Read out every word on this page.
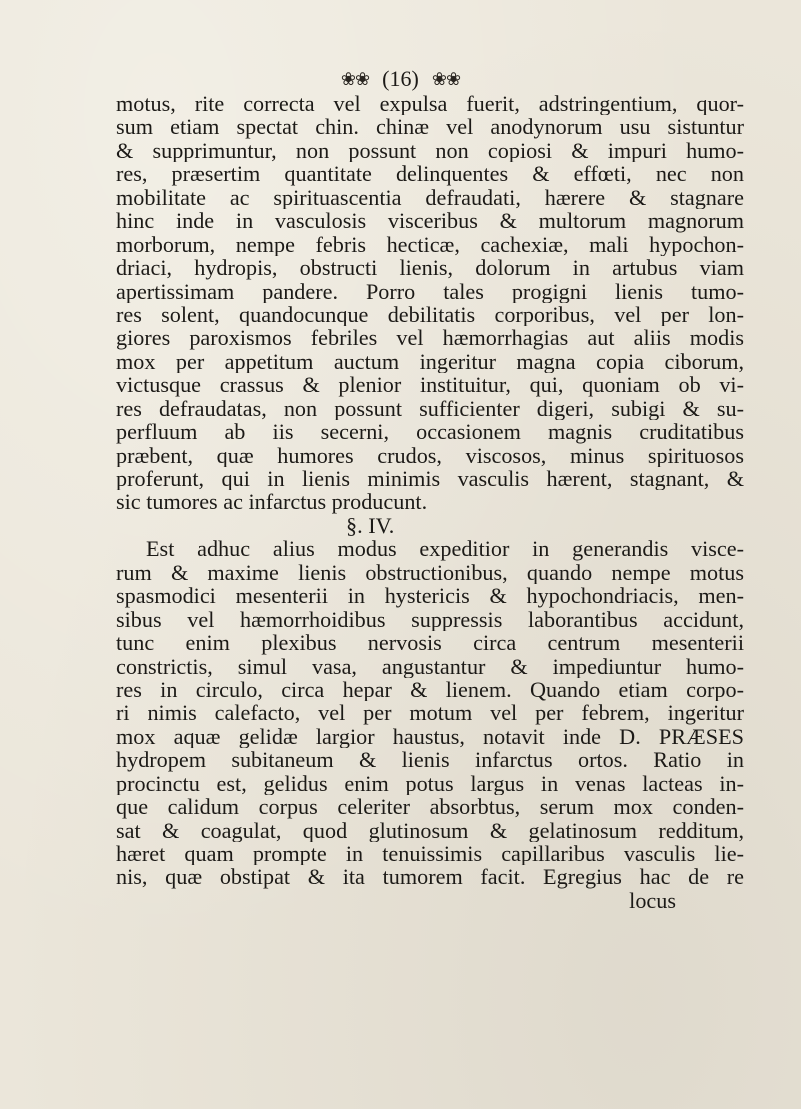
❀❀ (16) ❀❀
motus, rite correcta vel expulsa fuerit, adstringentium, quor-
sum etiam spectat chin. chinæ vel anodynorum usu sistuntur
& supprimuntur, non possunt non copiosi & impuri humo-
res, præsertim quantitate delinquentes & effœti, nec non
mobilitate ac spirituascentia defraudati, hærere & stagnare
hinc inde in vasculosis visceribus & multorum magnorum
morborum, nempe febris hecticæ, cachexiæ, mali hypochon-
driaci, hydropis, obstructi lienis, dolorum in artubus viam
apertissimam pandere. Porro tales progigni lienis tumo-
res solent, quandocunque debilitatis corporibus, vel per lon-
giores paroxismos febriles vel hæmorrhagias aut aliis modis
mox per appetitum auctum ingeritur magna copia ciborum,
victusque crassus & plenior instituitur, qui, quoniam ob vi-
res defraudatas, non possunt sufficienter digeri, subigi & su-
perfluum ab iis secerni, occasionem magnis cruditatibus
præbent, quæ humores crudos, viscosos, minus spirituosos
proferunt, qui in lienis minimis vasculis hærent, stagnant, &
sic tumores ac infarctus producunt.
§. IV.
Est adhuc alius modus expeditior in generandis visce-
rum & maxime lienis obstructionibus, quando nempe motus
spasmodici mesenterii in hystericis & hypochondriacis, men-
sibus vel hæmorrhoidibus suppressis laborantibus accidunt,
tunc enim plexibus nervosis circa centrum mesenterii
constrictis, simul vasa, angustantur & impediuntur humo-
res in circulo, circa hepar & lienem. Quando etiam corpo-
ri nimis calefacto, vel per motum vel per febrem, ingeritur
mox aquæ gelidæ largior haustus, notavit inde D. PRÆSES
hydropem subitaneum & lienis infarctus ortos. Ratio in
procinctu est, gelidus enim potus largus in venas lacteas in-
que calidum corpus celeriter absorbtus, serum mox conden-
sat & coagulat, quod glutinosum & gelatinosum redditum,
hæret quam prompte in tenuissimis capillaribus vasculis lie-
nis, quæ obstipat & ita tumorem facit. Egregius hac de re
locus
